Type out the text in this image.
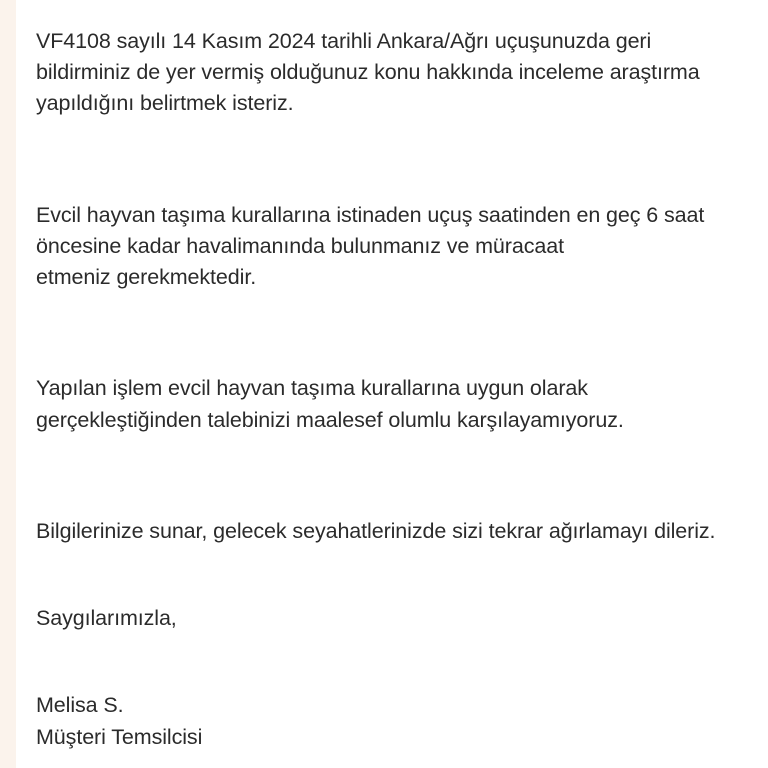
VF4108 sayılı 14 Kasım 2024 tarihli Ankara/Ağrı uçuşunuzda geri
bildirminiz de yer vermiş olduğunuz konu hakkında inceleme araştırma
yapıldığını belirtmek isteriz.
Evcil hayvan taşıma kurallarına istinaden uçuş saatinden en geç 6 saat
öncesine kadar havalimanında bulunmanız ve müracaat
etmeniz gerekmektedir.
Yapılan işlem evcil hayvan taşıma kurallarına uygun olarak
gerçekleştiğinden talebinizi maalesef olumlu karşılayamıyoruz.
Bilgilerinize sunar, gelecek seyahatlerinizde sizi tekrar ağırlamayı dileriz.
Saygılarımızla,
Melisa S.
Müşteri Temsilcisi
